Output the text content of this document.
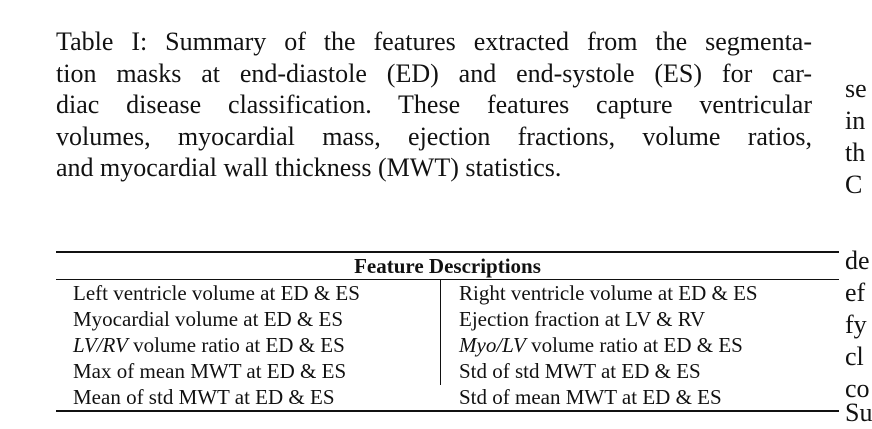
Table I: Summary of the features extracted from the segmenta-
tion masks at end-diastole (ED) and end-systole (ES) for car-
diac disease classification. These features capture ventricular
volumes, myocardial mass, ejection fractions, volume ratios,
and myocardial wall thickness (MWT) statistics.
Feature Descriptions
Left ventricle volume at ED & ES	Right ventricle volume at ED & ES
Myocardial volume at ED & ES	Ejection fraction at LV & RV
LV/RV volume ratio at ED & ES	Myo/LV volume ratio at ED & ES
Max of mean MWT at ED & ES	Std of std MWT at ED & ES
Mean of std MWT at ED & ES	Std of mean MWT at ED & ES
se
in
th
C
de
ef
fy
cl
co
Su
